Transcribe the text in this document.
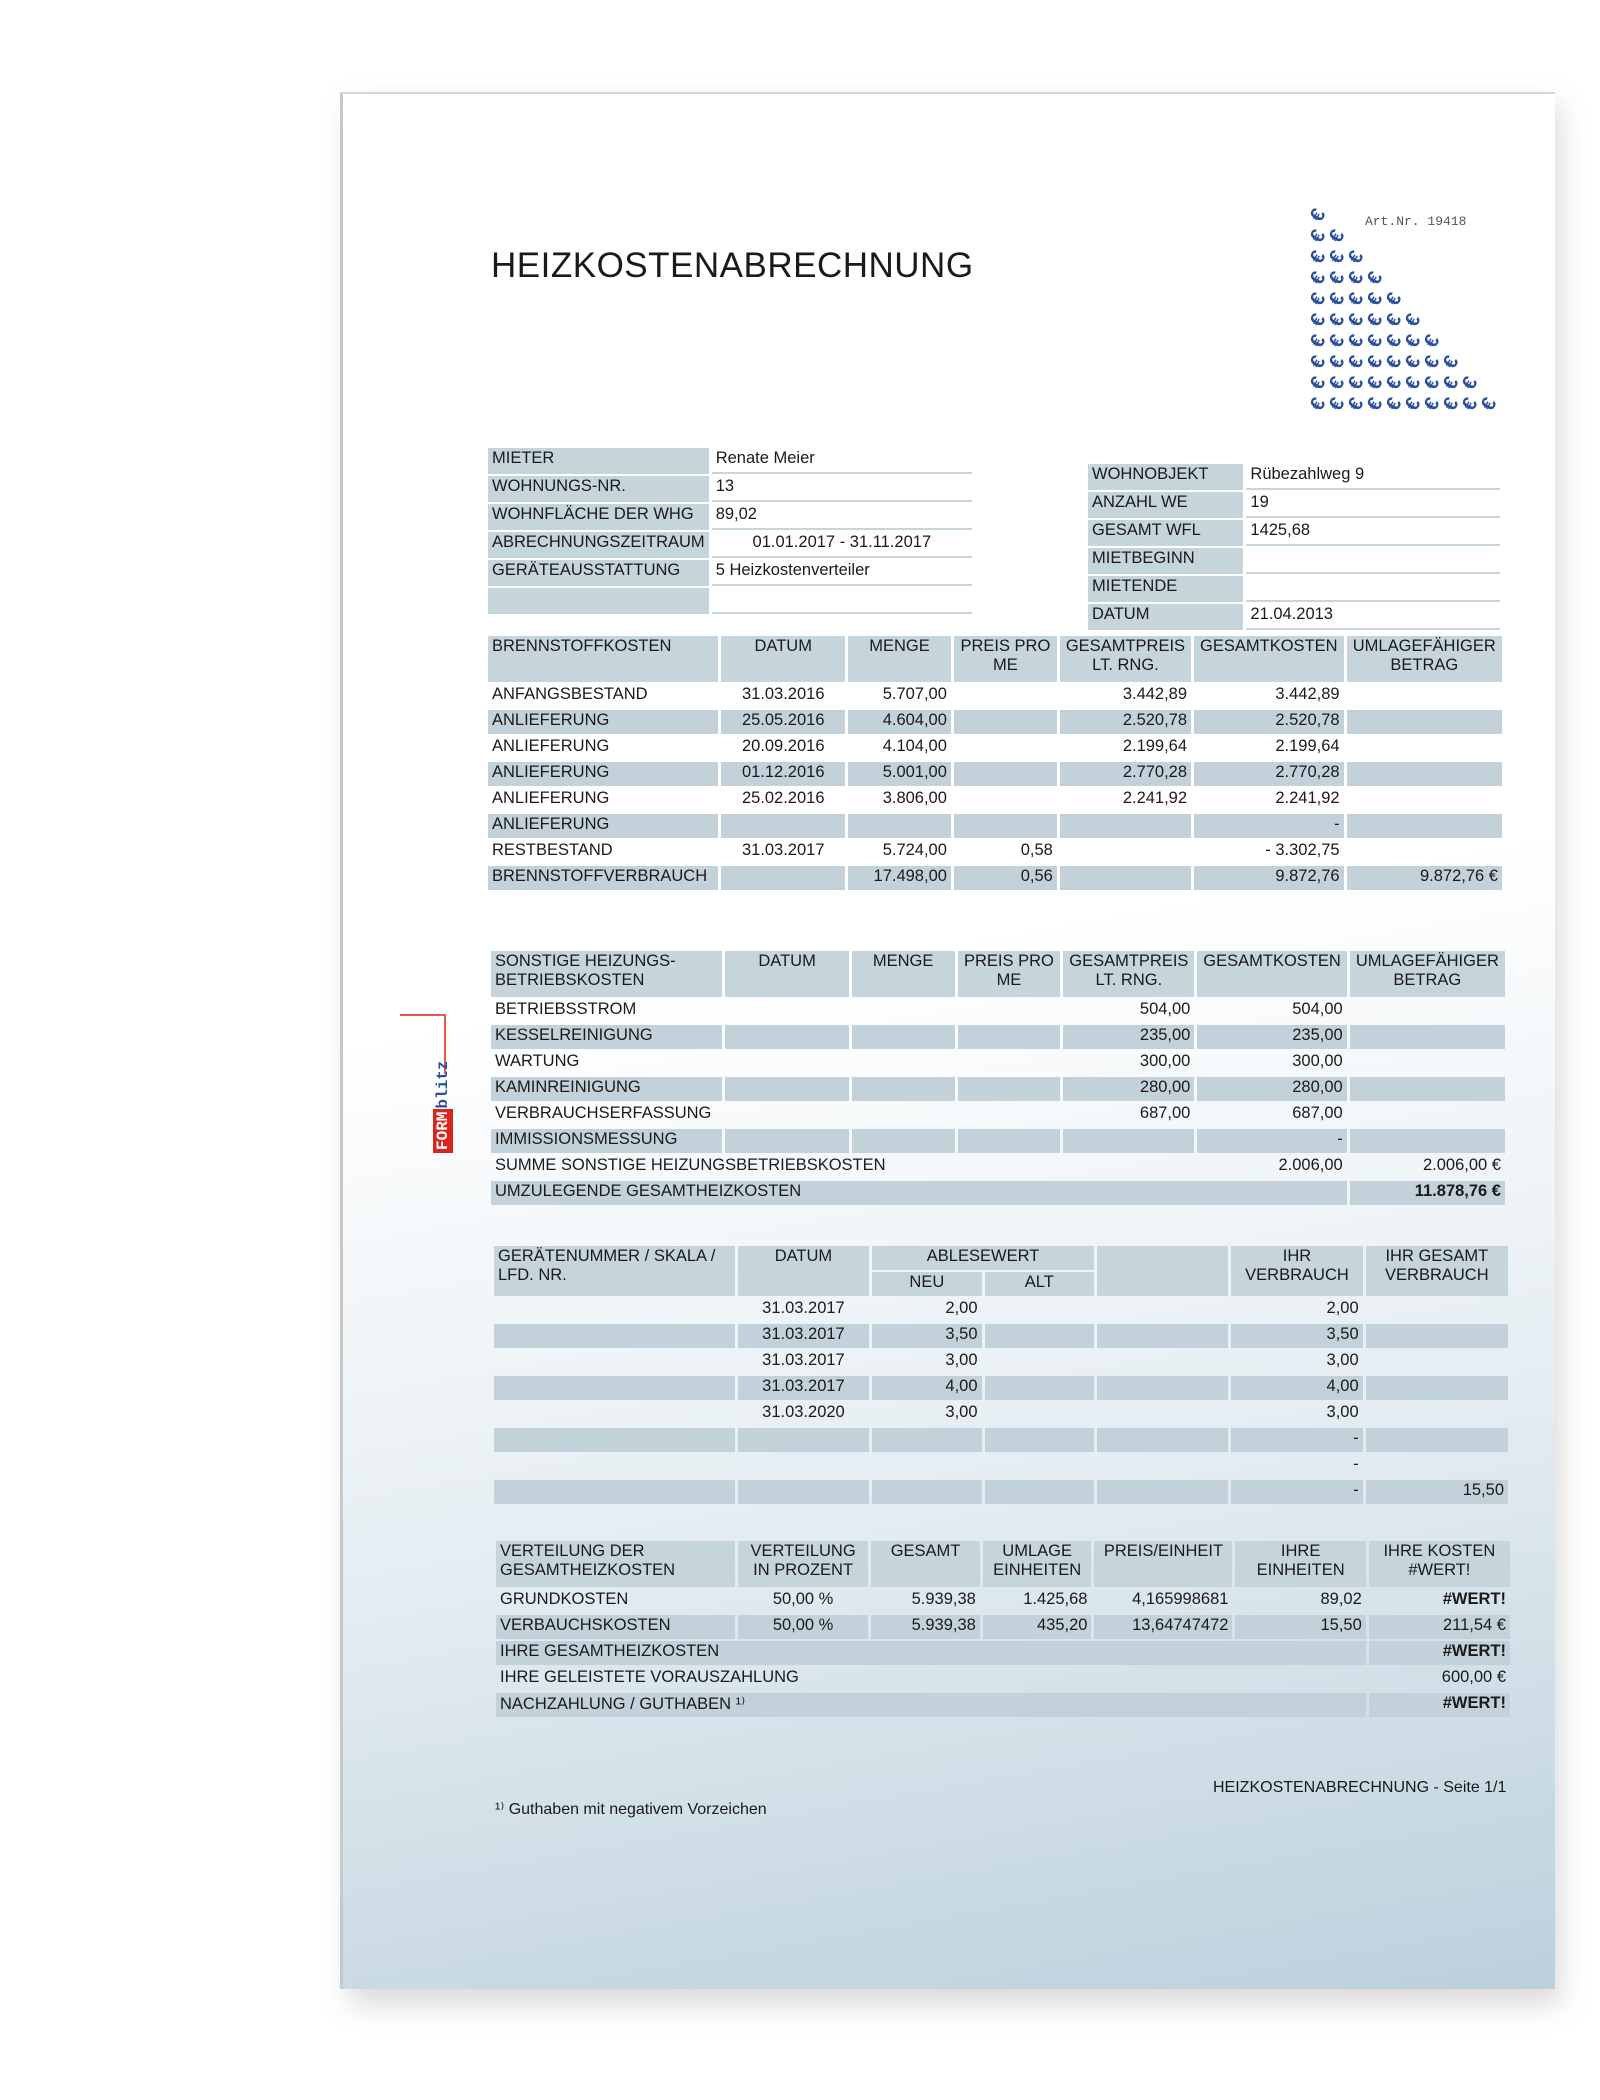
HEIZKOSTENABRECHNUNG
€
€
€
€
€
€
€
€
€
€
€
€
€
€
€
€
€
€
€
€
€
€
€
€
€
€
€
€
€
€
€
€
€
€
€
€
€
€
€
€
€
€
€
€
€
€
€
€
€
€
€
€
€
€
€
Art.Nr. 19418
FORMblitz
MIETER	Renate Meier
WOHNUNGS-NR.	13
WOHNFLÄCHE DER WHG	89,02
ABRECHNUNGSZEITRAUM	01.01.2017 - 31.11.2017
GERÄTEAUSSTATTUNG	5 Heizkostenverteiler

WOHNOBJEKT	Rübezahlweg 9
ANZAHL WE	19
GESAMT WFL	1425,68
MIETBEGINN	
MIETENDE	
DATUM	21.04.2013
BRENNSTOFFKOSTEN	DATUM	MENGE	PREIS PRO ME	GESAMTPREIS LT. RNG.	GESAMTKOSTEN	UMLAGEFÄHIGER BETRAG
ANFANGSBESTAND	31.03.2016	5.707,00		3.442,89	3.442,89	
ANLIEFERUNG	25.05.2016	4.604,00		2.520,78	2.520,78	
ANLIEFERUNG	20.09.2016	4.104,00		2.199,64	2.199,64	
ANLIEFERUNG	01.12.2016	5.001,00		2.770,28	2.770,28	
ANLIEFERUNG	25.02.2016	3.806,00		2.241,92	2.241,92	
ANLIEFERUNG					-	
RESTBESTAND	31.03.2017	5.724,00	0,58		- 3.302,75	
BRENNSTOFFVERBRAUCH		17.498,00	0,56		9.872,76	9.872,76 €
SONSTIGE HEIZUNGS-BETRIEBSKOSTEN	DATUM	MENGE	PREIS PRO ME	GESAMTPREIS LT. RNG.	GESAMTKOSTEN	UMLAGEFÄHIGER BETRAG
BETRIEBSSTROM				504,00	504,00	
KESSELREINIGUNG				235,00	235,00	
WARTUNG				300,00	300,00	
KAMINREINIGUNG				280,00	280,00	
VERBRAUCHSERFASSUNG				687,00	687,00	
IMMISSIONSMESSUNG					-	
SUMME SONSTIGE HEIZUNGSBETRIEBSKOSTEN					2.006,00	2.006,00 €
UMZULEGENDE GESAMTHEIZKOSTEN						11.878,76 €
GERÄTENUMMER / SKALA / LFD. NR.	DATUM	ABLESEWERT			IHR VERBRAUCH	IHR GESAMT VERBRAUCH
		NEU	ALT			
	31.03.2017	2,00			2,00	
	31.03.2017	3,50			3,50	
	31.03.2017	3,00			3,00	
	31.03.2017	4,00			4,00	
	31.03.2020	3,00			3,00	
					-	
					-	
					-	15,50
VERTEILUNG DER GESAMTHEIZKOSTEN	VERTEILUNG IN PROZENT	GESAMT	UMLAGE EINHEITEN	PREIS/EINHEIT	IHRE EINHEITEN	IHRE KOSTEN
#WERT!

GRUNDKOSTEN	50,00 %	5.939,38	1.425,68	4,165998681	89,02	#WERT!
VERBAUCHSKOSTEN	50,00 %	5.939,38	435,20	13,64747472	15,50	211,54 €
IHRE GESAMTHEIZKOSTEN						#WERT!
IHRE GELEISTETE VORAUSZAHLUNG						600,00 €
NACHZAHLUNG / GUTHABEN ¹⁾						#WERT!
¹⁾ Guthaben mit negativem Vorzeichen
HEIZKOSTENABRECHNUNG - Seite 1/1
